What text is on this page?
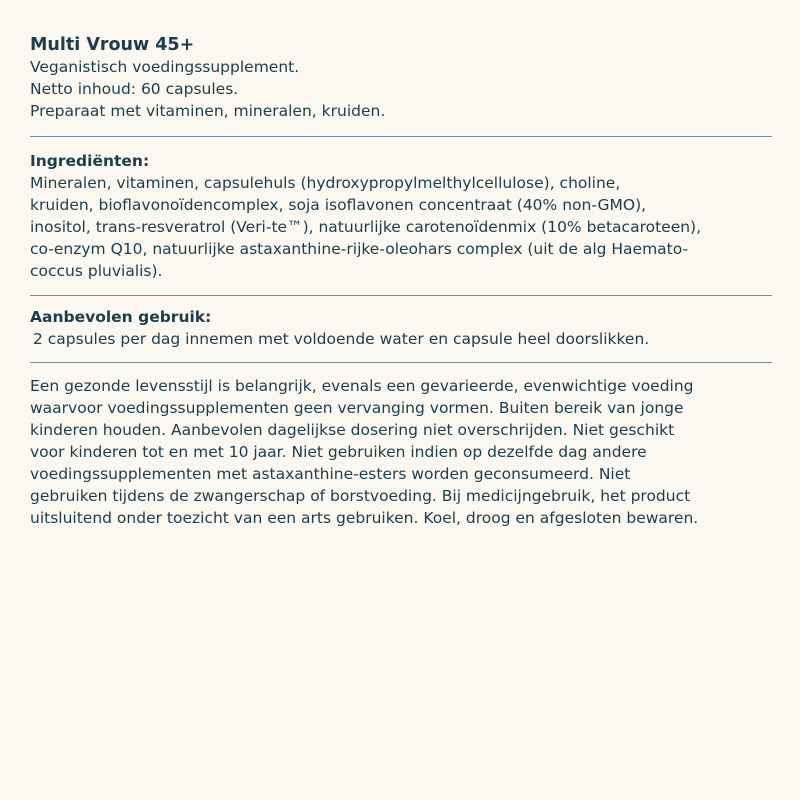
Multi Vrouw 45+

Veganistisch voedingssupplement.

Netto inhoud: 60 capsules.

Preparaat met vitaminen, mineralen, kruiden.

Ingrediënten:

Mineralen, vitaminen, capsulehuls (hydroxypropylmelthylcellulose), choline,

kruiden, bioflavonoïdencomplex, soja isoflavonen concentraat (40% non-GMO),

inositol, trans-resveratrol (Veri-te™), natuurlijke carotenoïdenmix (10% betacaroteen),

co-enzym Q10, natuurlijke astaxanthine-rijke-oleohars complex (uit de alg Haemato-

coccus pluvialis).

Aanbevolen gebruik:

2 capsules per dag innemen met voldoende water en capsule heel doorslikken.

Een gezonde levensstijl is belangrijk, evenals een gevarieerde, evenwichtige voeding

waarvoor voedingssupplementen geen vervanging vormen. Buiten bereik van jonge

kinderen houden. Aanbevolen dagelijkse dosering niet overschrijden. Niet geschikt

voor kinderen tot en met 10 jaar. Niet gebruiken indien op dezelfde dag andere

voedingssupplementen met astaxanthine-esters worden geconsumeerd. Niet

gebruiken tijdens de zwangerschap of borstvoeding. Bij medicijngebruik, het product

uitsluitend onder toezicht van een arts gebruiken. Koel, droog en afgesloten bewaren.
